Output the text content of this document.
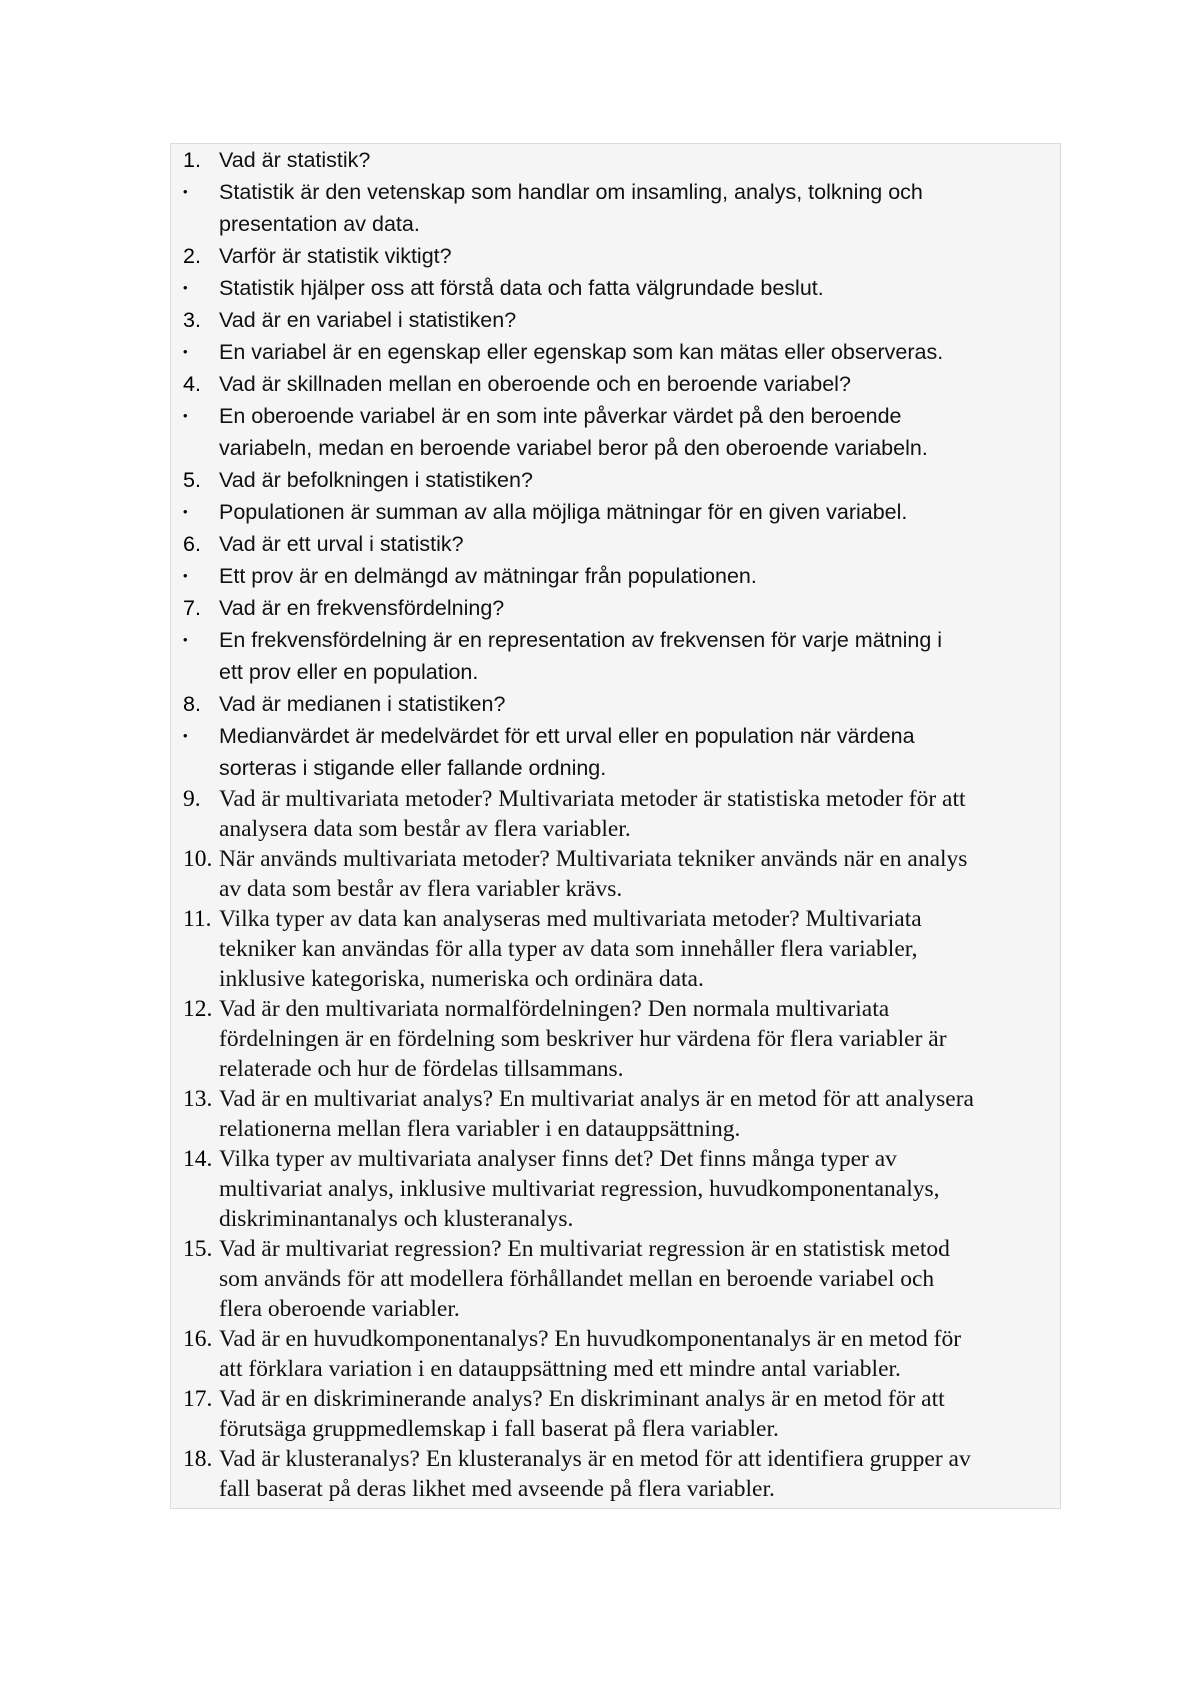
1. Vad är statistik?
•	Statistik är den vetenskap som handlar om insamling, analys, tolkning och
presentation av data.
2. Varför är statistik viktigt?
•	Statistik hjälper oss att förstå data och fatta välgrundade beslut.
3. Vad är en variabel i statistiken?
•	En variabel är en egenskap eller egenskap som kan mätas eller observeras.
4. Vad är skillnaden mellan en oberoende och en beroende variabel?
•	En oberoende variabel är en som inte påverkar värdet på den beroende
variabeln, medan en beroende variabel beror på den oberoende variabeln.
5. Vad är befolkningen i statistiken?
•	Populationen är summan av alla möjliga mätningar för en given variabel.
6. Vad är ett urval i statistik?
•	Ett prov är en delmängd av mätningar från populationen.
7. Vad är en frekvensfördelning?
•	En frekvensfördelning är en representation av frekvensen för varje mätning i
ett prov eller en population.
8. Vad är medianen i statistiken?
•	Medianvärdet är medelvärdet för ett urval eller en population när värdena
sorteras i stigande eller fallande ordning.
9. Vad är multivariata metoder? Multivariata metoder är statistiska metoder för att
analysera data som består av flera variabler.
10. När används multivariata metoder? Multivariata tekniker används när en analys
av data som består av flera variabler krävs.
11. Vilka typer av data kan analyseras med multivariata metoder? Multivariata
tekniker kan användas för alla typer av data som innehåller flera variabler,
inklusive kategoriska, numeriska och ordinära data.
12. Vad är den multivariata normalfördelningen? Den normala multivariata
fördelningen är en fördelning som beskriver hur värdena för flera variabler är
relaterade och hur de fördelas tillsammans.
13. Vad är en multivariat analys? En multivariat analys är en metod för att analysera
relationerna mellan flera variabler i en datauppsättning.
14. Vilka typer av multivariata analyser finns det? Det finns många typer av
multivariat analys, inklusive multivariat regression, huvudkomponentanalys,
diskriminantanalys och klusteranalys.
15. Vad är multivariat regression? En multivariat regression är en statistisk metod
som används för att modellera förhållandet mellan en beroende variabel och
flera oberoende variabler.
16. Vad är en huvudkomponentanalys? En huvudkomponentanalys är en metod för
att förklara variation i en datauppsättning med ett mindre antal variabler.
17. Vad är en diskriminerande analys? En diskriminant analys är en metod för att
förutsäga gruppmedlemskap i fall baserat på flera variabler.
18. Vad är klusteranalys? En klusteranalys är en metod för att identifiera grupper av
fall baserat på deras likhet med avseende på flera variabler.
